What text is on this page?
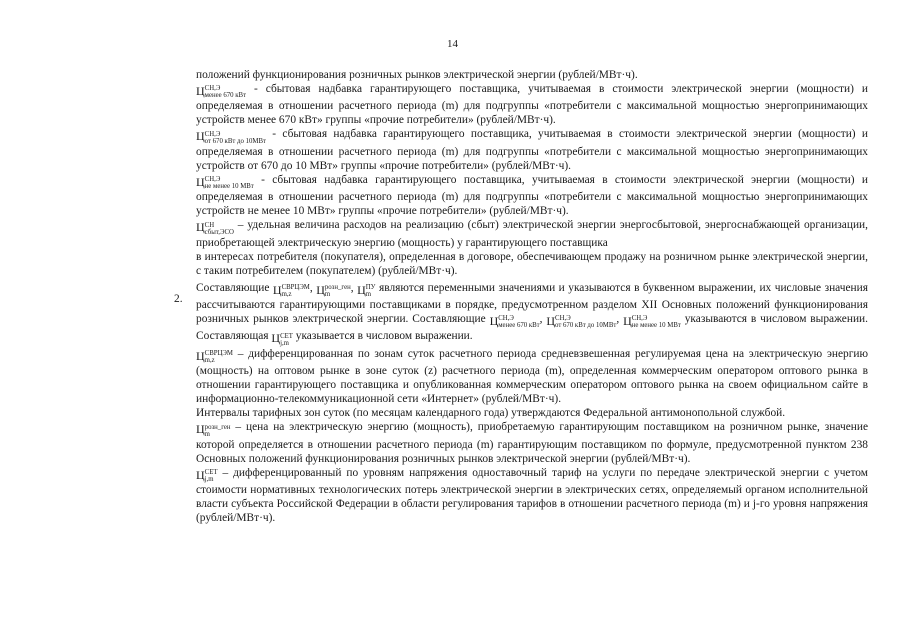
14
2.
положений функционирования розничных рынков электрической энергии (рублей/МВт·ч).
Ц СН,Э
менее 670 кВт
- сбытовая надбавка гарантирующего поставщика, учитываемая в стоимости электрической энергии (мощности) и определяемая в отношении расчетного периода (m) для подгруппы «потребители с максимальной мощностью энергопринимающих устройств менее 670 кВт» группы «прочие потребители» (рублей/МВт·ч).
Ц СН,Э
от 670 кВт до 10МВт
- сбытовая надбавка гарантирующего поставщика, учитываемая в стоимости электрической энергии (мощности) и определяемая в отношении расчетного периода (m) для подгруппы «потребители с максимальной мощностью энергопринимающих устройств от 670 до 10 МВт» группы «прочие потребители» (рублей/МВт·ч).
Ц СН,Э
не менее 10 МВт
- сбытовая надбавка гарантирующего поставщика, учитываемая в стоимости электрической энергии (мощности) и определяемая в отношении расчетного периода (m) для подгруппы «потребители с максимальной мощностью энергопринимающих устройств не менее 10 МВт» группы «прочие потребители» (рублей/МВт·ч).
Ц СН
сбыт,ЭСО
– удельная величина расходов на реализацию (сбыт) электрической энергии энергосбытовой, энергоснабжающей организации, приобретающей электрическую энергию (мощность) у гарантирующего поставщика
в интересах потребителя (покупателя), определенная в договоре, обеспечивающем продажу на розничном рынке электрической энергии, с таким потребителем (покупателем) (рублей/МВт·ч).
Составляющие Ц СВРЦЭМ
m,z
, Ц розн_ген
m
, Ц ПУ
m
являются переменными значениями и указываются в буквенном выражении, их числовые значения рассчитываются гарантирующими поставщиками в порядке, предусмотренном разделом XII Основных положений функционирования розничных рынков электрической энергии. Составляющие Ц СН,Э
менее 670 кВт
, Ц СН,Э
от 670 кВт до 10МВт
, Ц СН,Э
не менее 10 МВт
указываются в числовом выражении. Составляющая Ц СЕТ
j,m
указывается в числовом выражении.
Ц СВРЦЭМ
m,z
– дифференцированная по зонам суток расчетного периода средневзвешенная регулируемая цена на электрическую энергию (мощность) на оптовом рынке в зоне суток (z) расчетного периода (m), определенная коммерческим оператором оптового рынка в отношении гарантирующего поставщика и опубликованная коммерческим оператором оптового рынка на своем официальном сайте в информационно-телекоммуникационной сети «Интернет» (рублей/МВт·ч).
Интервалы тарифных зон суток (по месяцам календарного года) утверждаются Федеральной антимонопольной службой.
Ц розн_ген
m
– цена на электрическую энергию (мощность), приобретаемую гарантирующим поставщиком на розничном рынке, значение которой определяется в отношении расчетного периода (m) гарантирующим поставщиком по формуле, предусмотренной пунктом 238 Основных положений функционирования розничных рынков электрической энергии (рублей/МВт·ч).
Ц СЕТ
j,m
– дифференцированный по уровням напряжения одноставочный тариф на услуги по передаче электрической энергии с учетом стоимости нормативных технологических потерь электрической энергии в электрических сетях, определяемый органом исполнительной власти субъекта Российской Федерации в области регулирования тарифов в отношении расчетного периода (m) и j-го уровня напряжения (рублей/МВт·ч).
